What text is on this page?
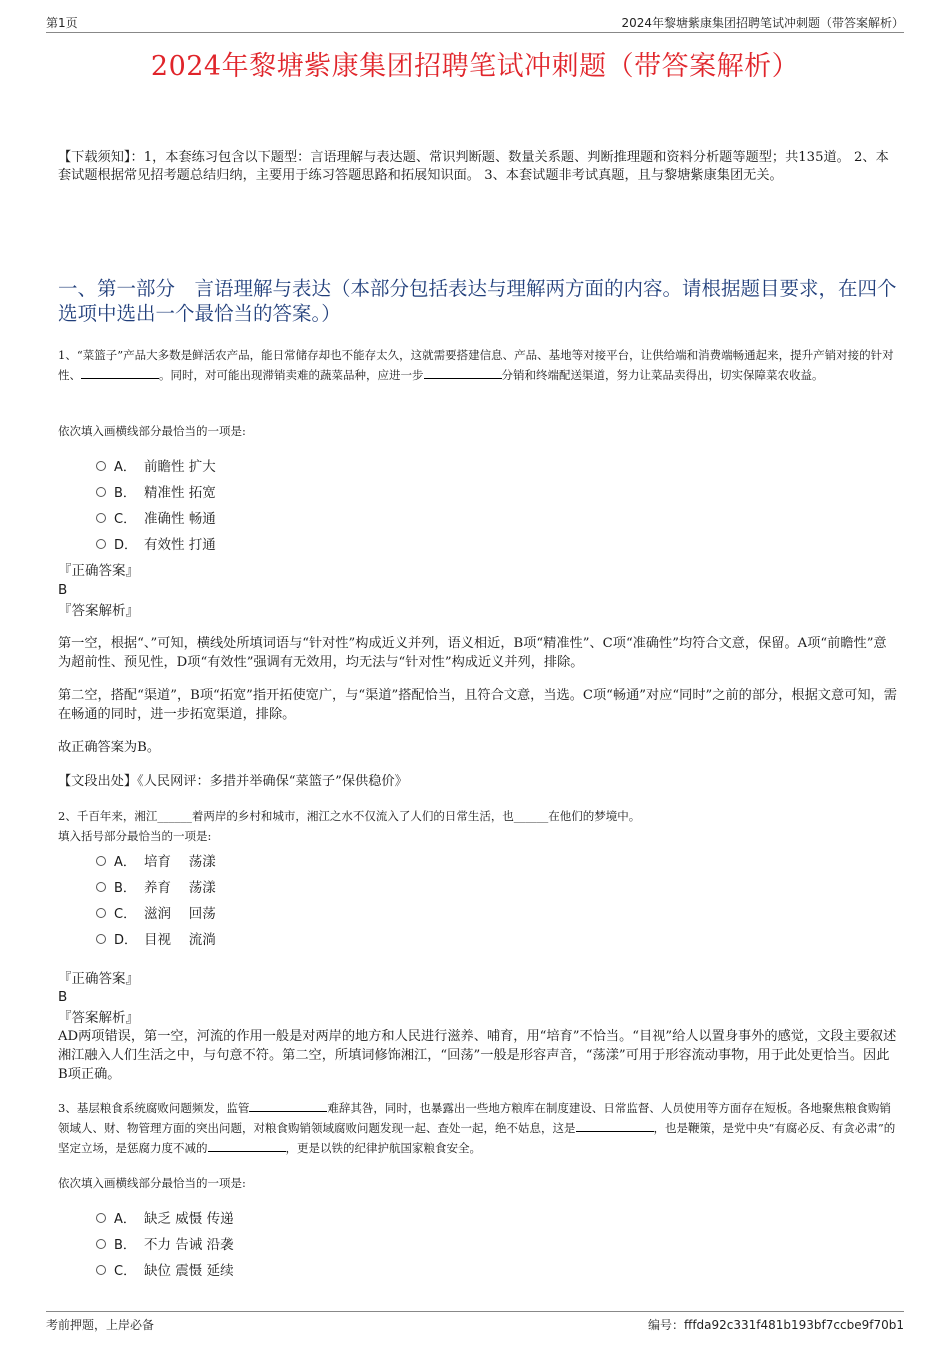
第1页	2024年黎塘紫康集团招聘笔试冲刺题（带答案解析）
2024年黎塘紫康集团招聘笔试冲刺题（带答案解析）
【下载须知】：1，本套练习包含以下题型：言语理解与表达题、常识判断题、数量关系题、判断推理题和资料分析题等题型；共135道。 2、本套试题根据常见招考题总结归纳，主要用于练习答题思路和拓展知识面。 3、本套试题非考试真题，且与黎塘紫康集团无关。
一、第一部分　言语理解与表达（本部分包括表达与理解两方面的内容。请根据题目要求，在四个选项中选出一个最恰当的答案。）
1、“菜篮子”产品大多数是鲜活农产品，能日常储存却也不能存太久，这就需要搭建信息、产品、基地等对接平台，让供给端和消费端畅通起来，提升产销对接的针对性、	。同时，对可能出现滞销卖难的蔬菜品种，应进一步	分销和终端配送渠道，努力让菜品卖得出，切实保障菜农收益。
依次填入画横线部分最恰当的一项是:
A． 前瞻性 扩大
B． 精准性 拓宽
C． 准确性 畅通
D． 有效性 打通
『正确答案』
B
『答案解析』
第一空，根据“、”可知，横线处所填词语与“针对性”构成近义并列，语义相近，B项“精准性”、C项“准确性”均符合文意，保留。A项“前瞻性”意为超前性、预见性，D项“有效性”强调有无效用，均无法与“针对性”构成近义并列，排除。
第二空，搭配“渠道”，B项“拓宽”指开拓使宽广，与“渠道”搭配恰当，且符合文意，当选。C项“畅通”对应“同时”之前的部分，根据文意可知，需在畅通的同时，进一步拓宽渠道，排除。
故正确答案为B。
【文段出处】《人民网评：多措并举确保“菜篮子”保供稳价》
2、千百年来，湘江______着两岸的乡村和城市，湘江之水不仅流入了人们的日常生活，也______在他们的梦境中。
填入括号部分最恰当的一项是:
A． 培育　 荡漾
B． 养育　 荡漾
C． 滋润　 回荡
D． 目视　 流淌
『正确答案』
B
『答案解析』
AD两项错误，第一空，河流的作用一般是对两岸的地方和人民进行滋养、哺育，用“培育”不恰当。“目视”给人以置身事外的感觉，文段主要叙述湘江融入人们生活之中，与句意不符。第二空，所填词修饰湘江，“回荡”一般是形容声音，“荡漾”可用于形容流动事物，用于此处更恰当。因此B项正确。
3、基层粮食系统腐败问题频发，监管	难辞其咎，同时，也暴露出一些地方粮库在制度建设、日常监督、人员使用等方面存在短板。各地聚焦粮食购销领域人、财、物管理方面的突出问题，对粮食购销领域腐败问题发现一起、查处一起，绝不姑息，这是	，也是鞭策，是党中央“有腐必反、有贪必肃”的坚定立场，是惩腐力度不减的	，更是以铁的纪律护航国家粮食安全。
依次填入画横线部分最恰当的一项是:
A． 缺乏 威慑 传递
B． 不力 告诫 沿袭
C． 缺位 震慑 延续
考前押题，上岸必备	编号：fffda92c331f481b193bf7ccbe9f70b1
